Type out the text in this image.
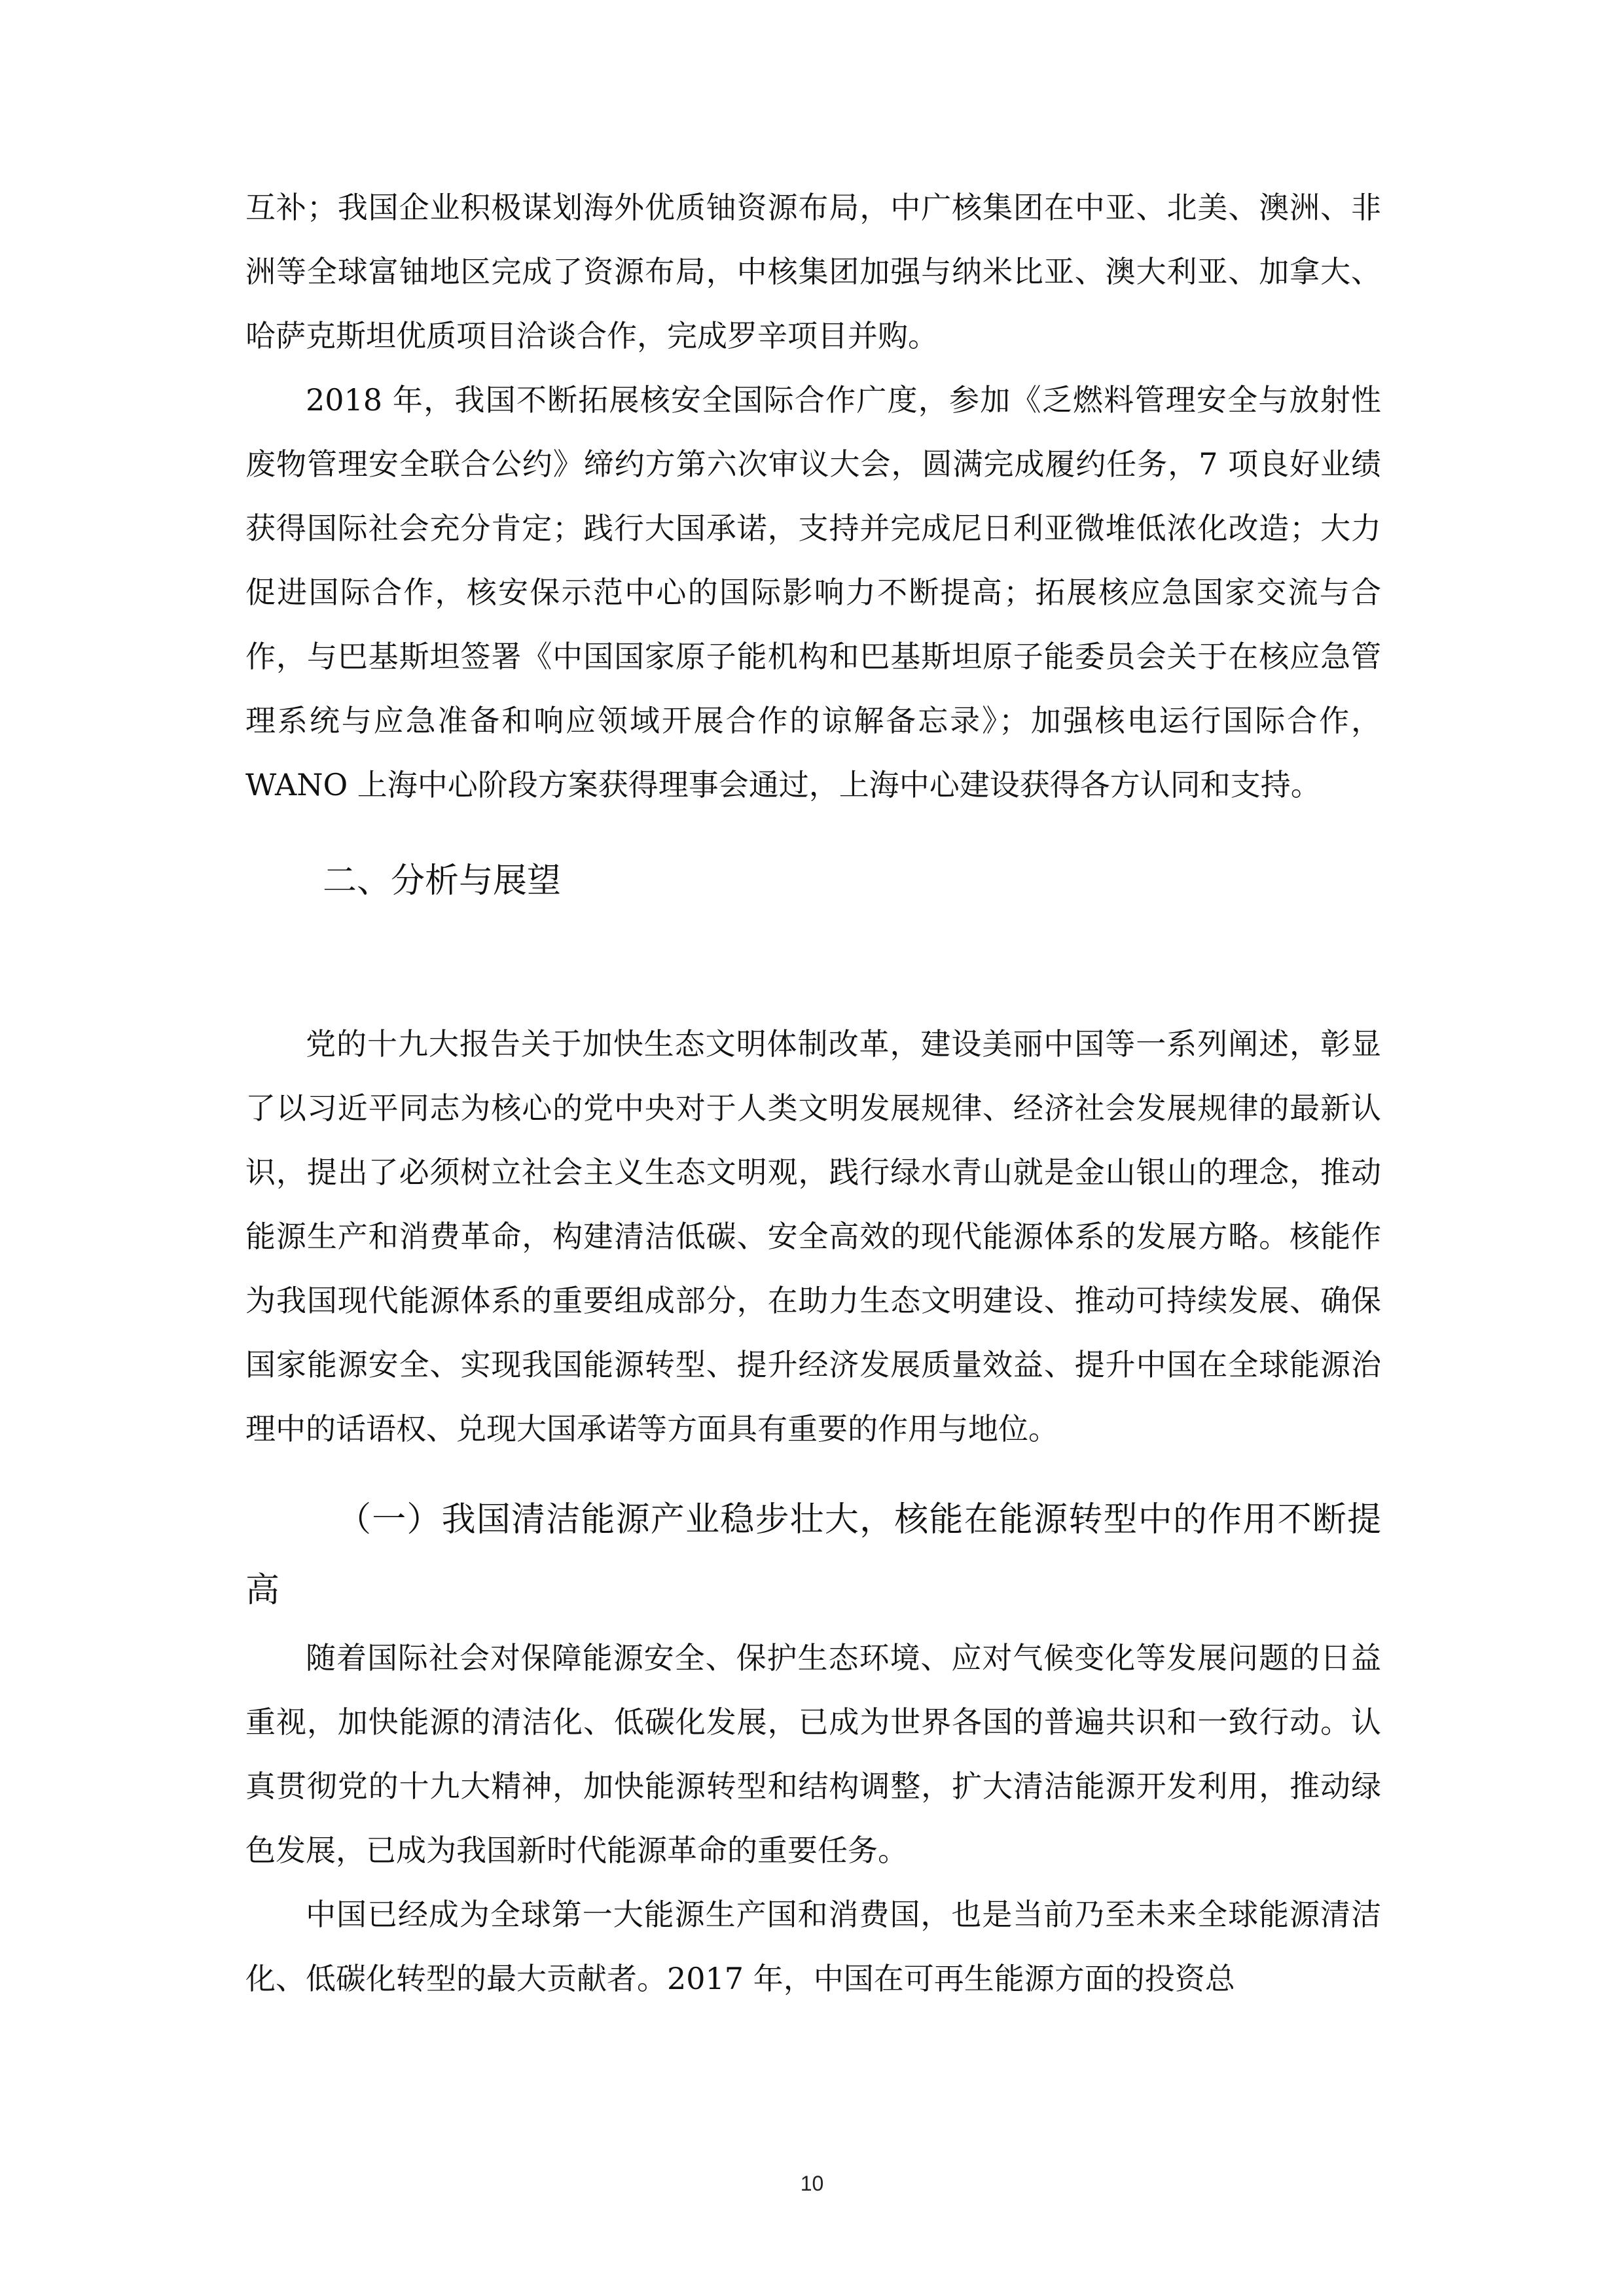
互补；我国企业积极谋划海外优质铀资源布局，中广核集团在中亚、北美、澳洲、非洲等全球富铀地区完成了资源布局，中核集团加强与纳米比亚、澳大利亚、加拿大、哈萨克斯坦优质项目洽谈合作，完成罗辛项目并购。

2018 年，我国不断拓展核安全国际合作广度，参加《乏燃料管理安全与放射性废物管理安全联合公约》缔约方第六次审议大会，圆满完成履约任务，7 项良好业绩获得国际社会充分肯定；践行大国承诺，支持并完成尼日利亚微堆低浓化改造；大力促进国际合作，核安保示范中心的国际影响力不断提高；拓展核应急国家交流与合作，与巴基斯坦签署《中国国家原子能机构和巴基斯坦原子能委员会关于在核应急管理系统与应急准备和响应领域开展合作的谅解备忘录》；加强核电运行国际合作，WANO 上海中心阶段方案获得理事会通过，上海中心建设获得各方认同和支持。

二、分析与展望

党的十九大报告关于加快生态文明体制改革，建设美丽中国等一系列阐述，彰显了以习近平同志为核心的党中央对于人类文明发展规律、经济社会发展规律的最新认识，提出了必须树立社会主义生态文明观，践行绿水青山就是金山银山的理念，推动能源生产和消费革命，构建清洁低碳、安全高效的现代能源体系的发展方略。核能作为我国现代能源体系的重要组成部分，在助力生态文明建设、推动可持续发展、确保国家能源安全、实现我国能源转型、提升经济发展质量效益、提升中国在全球能源治理中的话语权、兑现大国承诺等方面具有重要的作用与地位。

（一）我国清洁能源产业稳步壮大，核能在能源转型中的作用不断提高

随着国际社会对保障能源安全、保护生态环境、应对气候变化等发展问题的日益重视，加快能源的清洁化、低碳化发展，已成为世界各国的普遍共识和一致行动。认真贯彻党的十九大精神，加快能源转型和结构调整，扩大清洁能源开发利用，推动绿色发展，已成为我国新时代能源革命的重要任务。

中国已经成为全球第一大能源生产国和消费国，也是当前乃至未来全球能源清洁化、低碳化转型的最大贡献者。2017 年，中国在可再生能源方面的投资总

10
